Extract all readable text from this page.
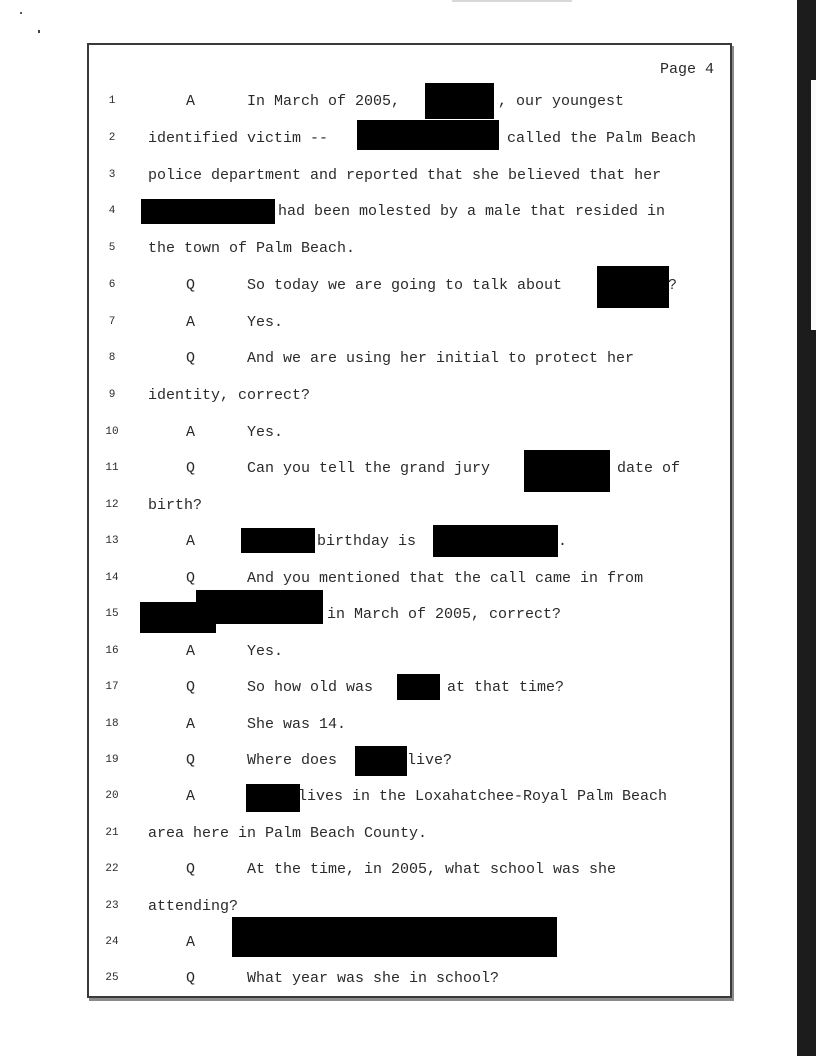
Page 4
1	A	In March of 2005,	, our youngest
2	identified victim --	called the Palm Beach
3	police department and reported that she believed that her
4	had been molested by a male that resided in
5	the town of Palm Beach.
6	Q	So today we are going to talk about	?
7	A	Yes.
8	Q	And we are using her initial to protect her
9	identity, correct?
10	A	Yes.
11	Q	Can you tell the grand jury	date of
12	birth?
13	A	birthday is	.
14	Q	And you mentioned that the call came in from
15	in March of 2005, correct?
16	A	Yes.
17	Q	So how old was	at that time?
18	A	She was 14.
19	Q	Where does	live?
20	A	lives in the Loxahatchee-Royal Palm Beach
21	area here in Palm Beach County.
22	Q	At the time, in 2005, what school was she
23	attending?
24	A
25	Q	What year was she in school?
